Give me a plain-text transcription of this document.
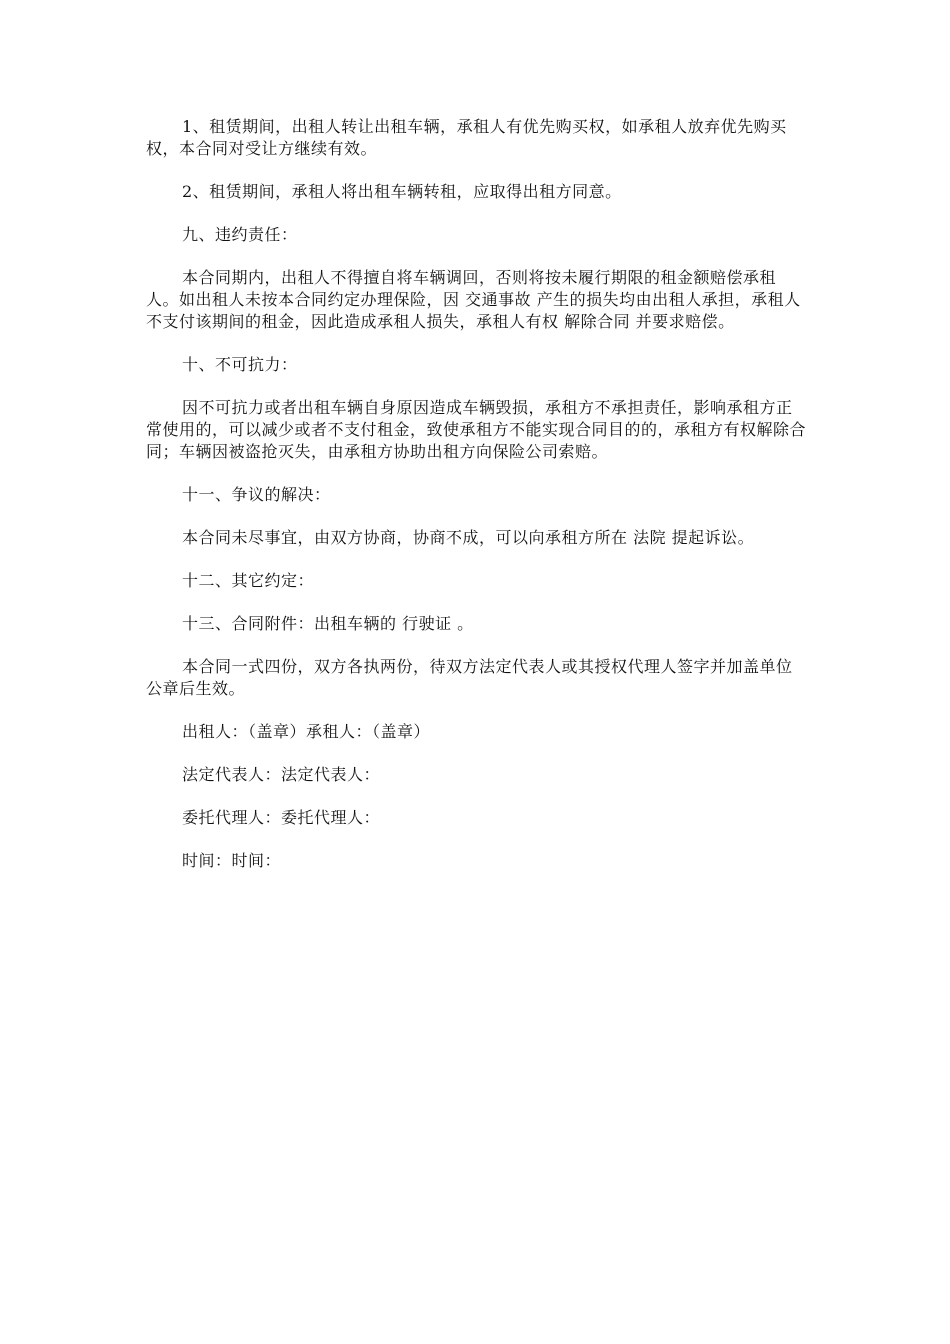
1、租赁期间，出租人转让出租车辆，承租人有优先购买权，如承租人放弃优先购买权，本合同对受让方继续有效。

2、租赁期间，承租人将出租车辆转租，应取得出租方同意。

九、违约责任：

本合同期内，出租人不得擅自将车辆调回，否则将按未履行期限的租金额赔偿承租人。如出租人未按本合同约定办理保险，因 交通事故 产生的损失均由出租人承担，承租人不支付该期间的租金，因此造成承租人损失，承租人有权 解除合同 并要求赔偿。

十、不可抗力：

因不可抗力或者出租车辆自身原因造成车辆毁损，承租方不承担责任，影响承租方正常使用的，可以减少或者不支付租金，致使承租方不能实现合同目的的，承租方有权解除合同；车辆因被盗抢灭失，由承租方协助出租方向保险公司索赔。

十一、争议的解决：

本合同未尽事宜，由双方协商，协商不成，可以向承租方所在 法院 提起诉讼。

十二、其它约定：

十三、合同附件：出租车辆的 行驶证 。

本合同一式四份，双方各执两份，待双方法定代表人或其授权代理人签字并加盖单位公章后生效。

出租人：（盖章）承租人：（盖章）

法定代表人：法定代表人：

委托代理人：委托代理人：

时间：时间：
